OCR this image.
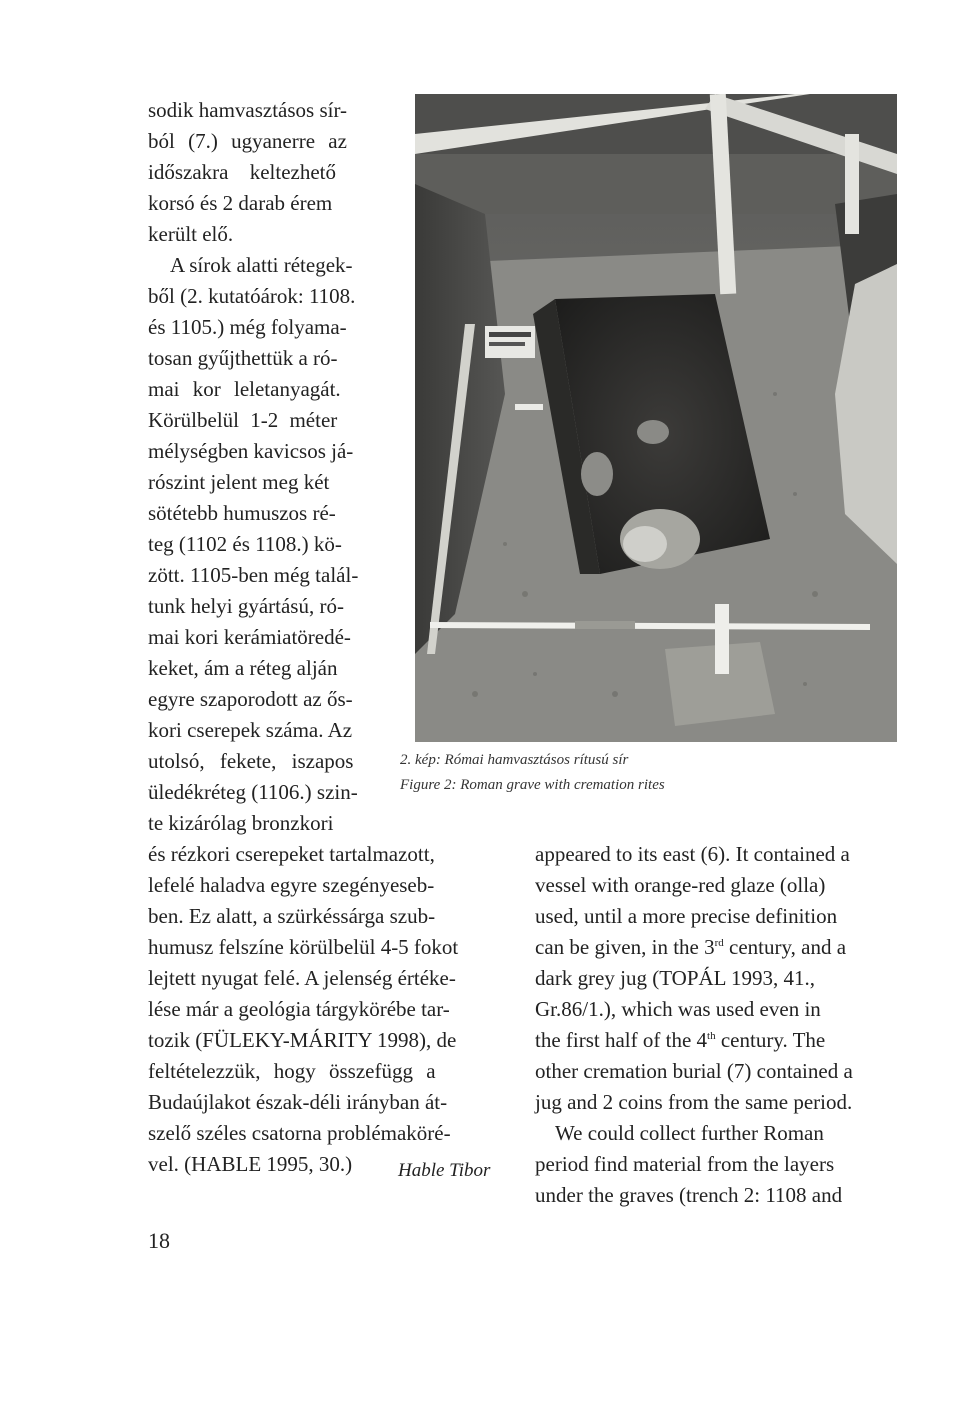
sodik hamvasztásos sír-
ból (7.) ugyanerre az
időszakra keltezhető
korsó és 2 darab érem
került elő.
A sírok alatti rétegek-
ből (2. kutatóárok: 1108.
és 1105.) még folyama-
tosan gyűjthettük a ró-
mai kor leletanyagát.
Körülbelül 1-2 méter
mélységben kavicsos já-
rószint jelent meg két
sötétebb humuszos ré-
teg (1102 és 1108.) kö-
zött. 1105-ben még talál-
tunk helyi gyártású, ró-
mai kori kerámiatöredé-
keket, ám a réteg alján
egyre szaporodott az ős-
kori cserepek száma. Az
utolsó, fekete, iszapos
üledékréteg (1106.) szin-
te kizárólag bronzkori
2. kép: Római hamvasztásos rítusú sír
Figure 2: Roman grave with cremation rites
és rézkori cserepeket tartalmazott,
lefelé haladva egyre szegényeseb-
ben. Ez alatt, a szürkéssárga szub-
humusz felszíne körülbelül 4-5 fokot
lejtett nyugat felé. A jelenség értéke-
lése már a geológia tárgykörébe tar-
tozik (FÜLEKY-MÁRITY 1998), de
feltételezzük, hogy összefügg a
Budaújlakot észak-déli irányban át-
szelő széles csatorna problémaköré-
vel. (HABLE 1995, 30.) Hable Tibor
appeared to its east (6). It contained a
vessel with orange-red glaze (olla)
used, until a more precise definition
can be given, in the 3rd century, and a
dark grey jug (TOPÁL 1993, 41.,
Gr.86/1.), which was used even in
the first half of the 4th century. The
other cremation burial (7) contained a
jug and 2 coins from the same period.
We could collect further Roman
period find material from the layers
under the graves (trench 2: 1108 and
18
